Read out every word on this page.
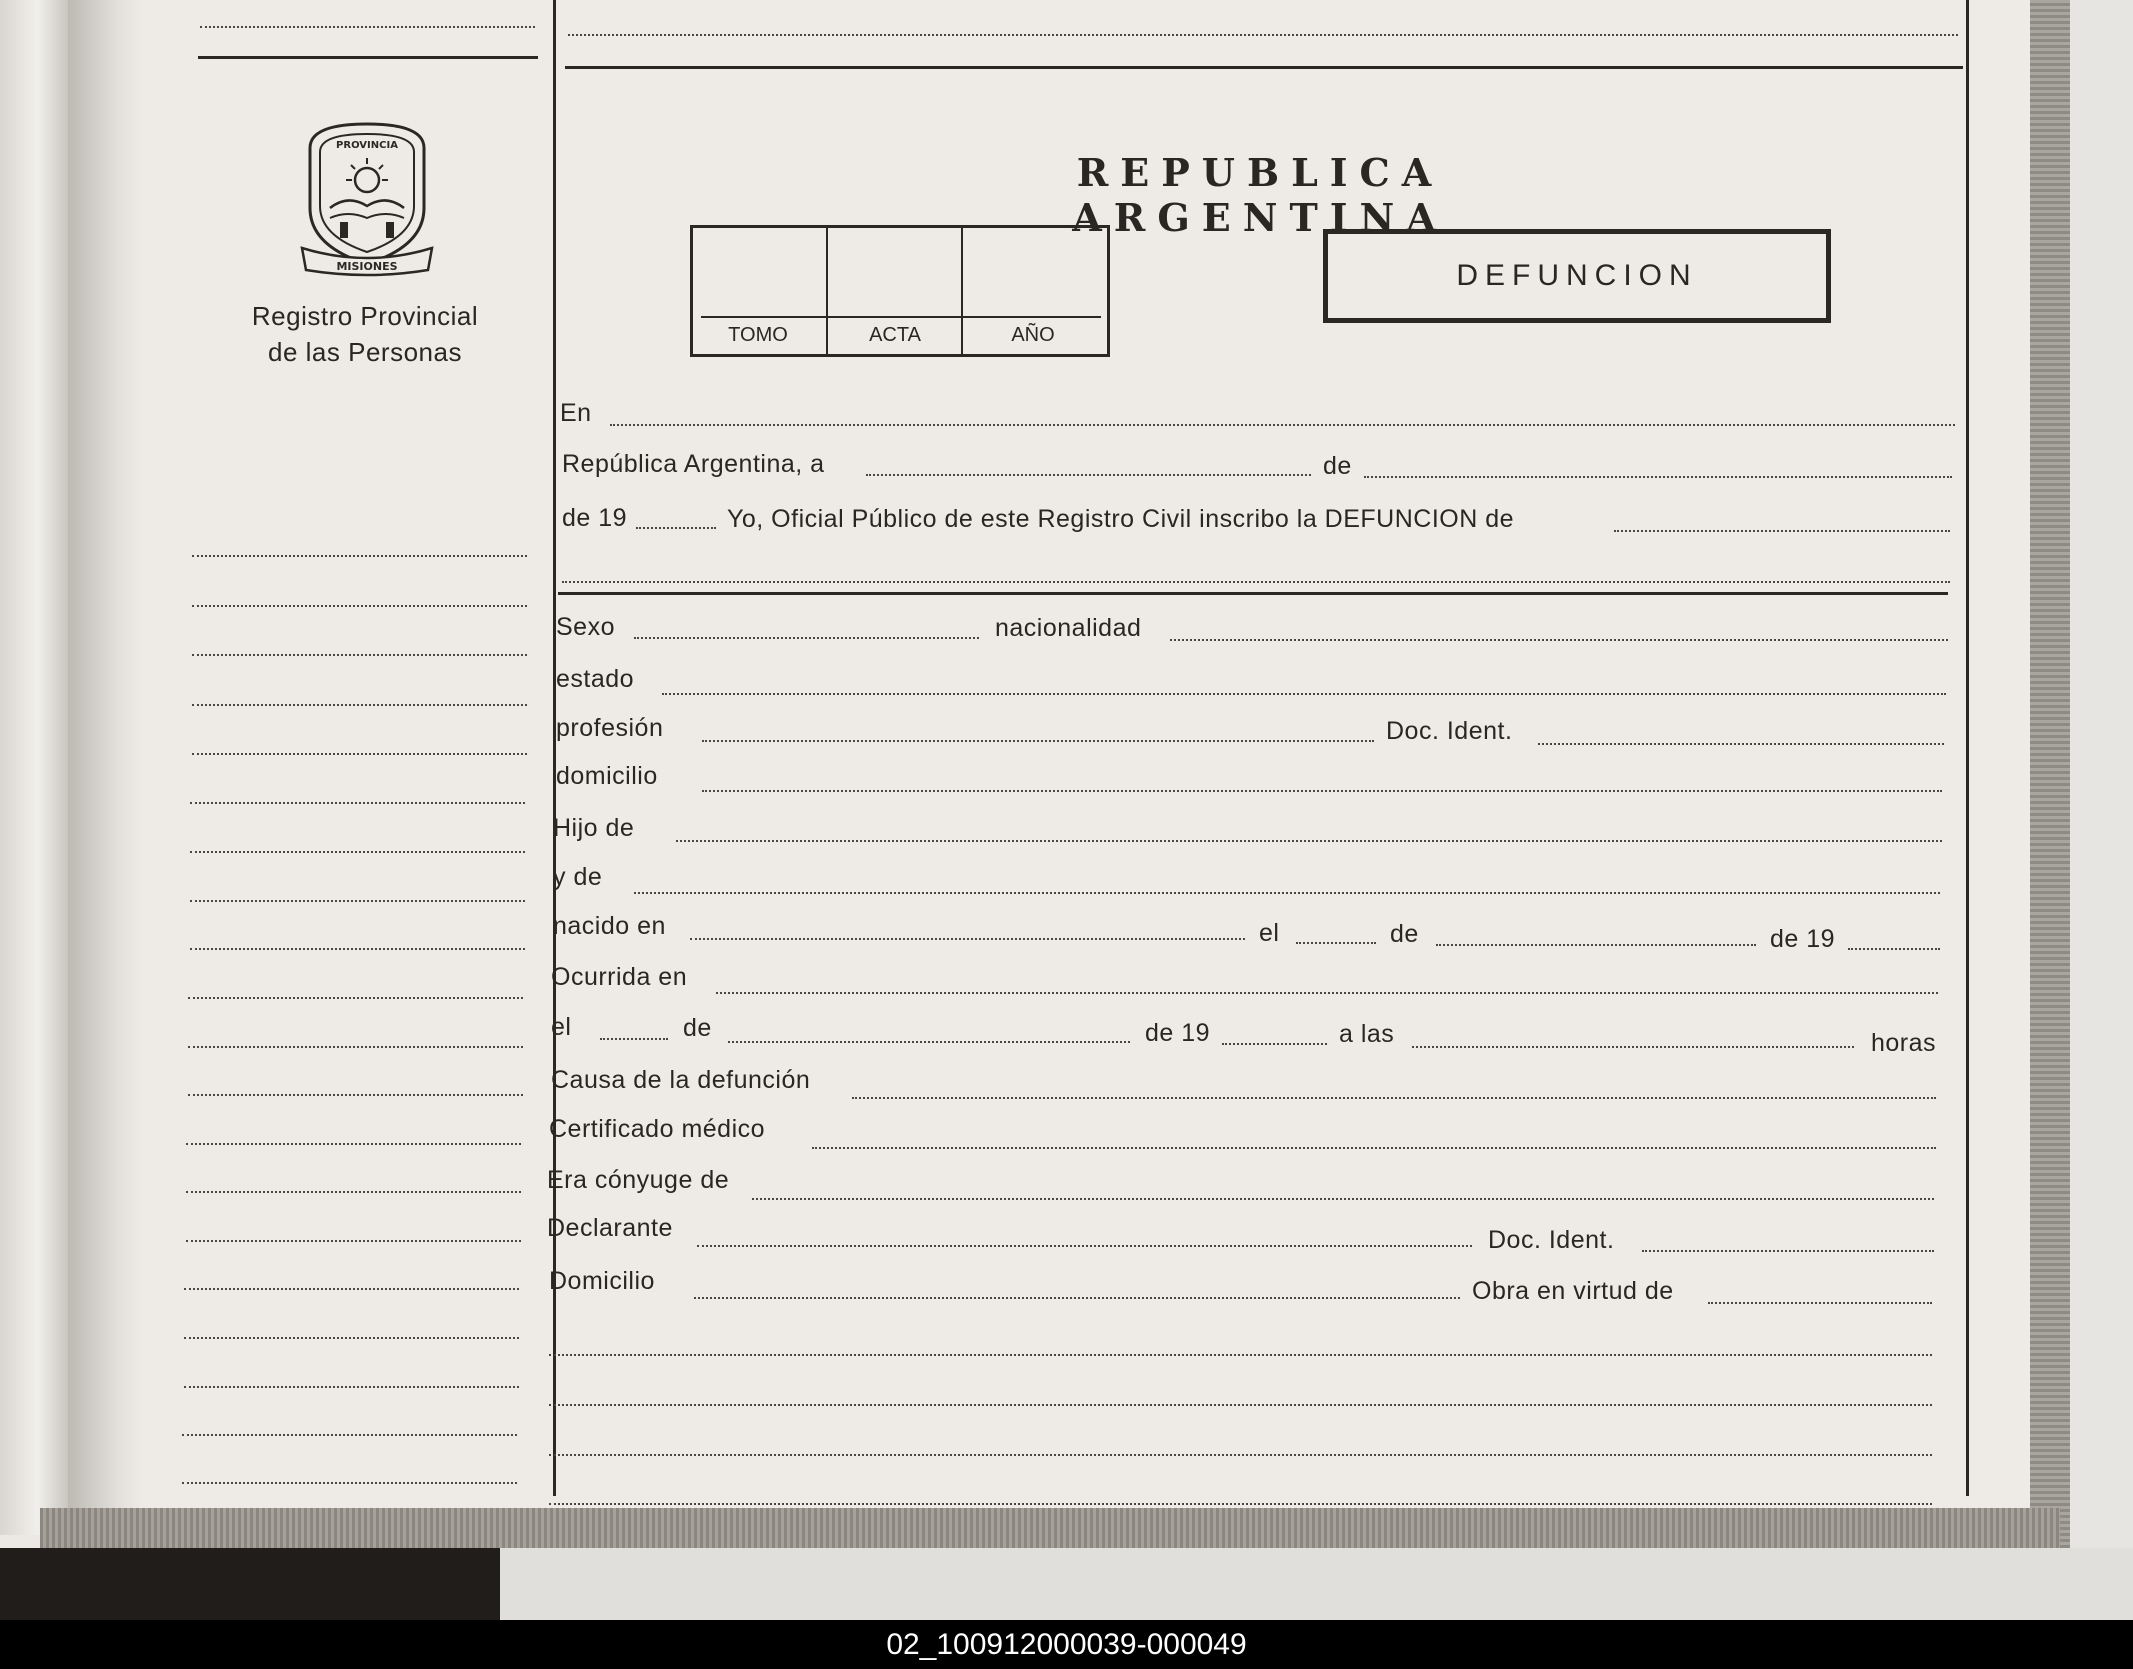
MISIONES
PROVINCIA
Registro Provincial
de las Personas
REPUBLICA ARGENTINA
TOMO	ACTA	AÑO
DEFUNCION
En
República Argentina, a	de
de 19	Yo, Oficial Público de este Registro Civil inscribo la DEFUNCION de
Sexo	nacionalidad
estado
profesión	Doc. Ident.
domicilio
Hijo de
y de
nacido en	el	de	de 19
Ocurrida en
el	de	de 19	a las	horas
Causa de la defunción
Certificado médico
Era cónyuge de
Declarante	Doc. Ident.
Domicilio	Obra en virtud de
02_100912000039-000049
